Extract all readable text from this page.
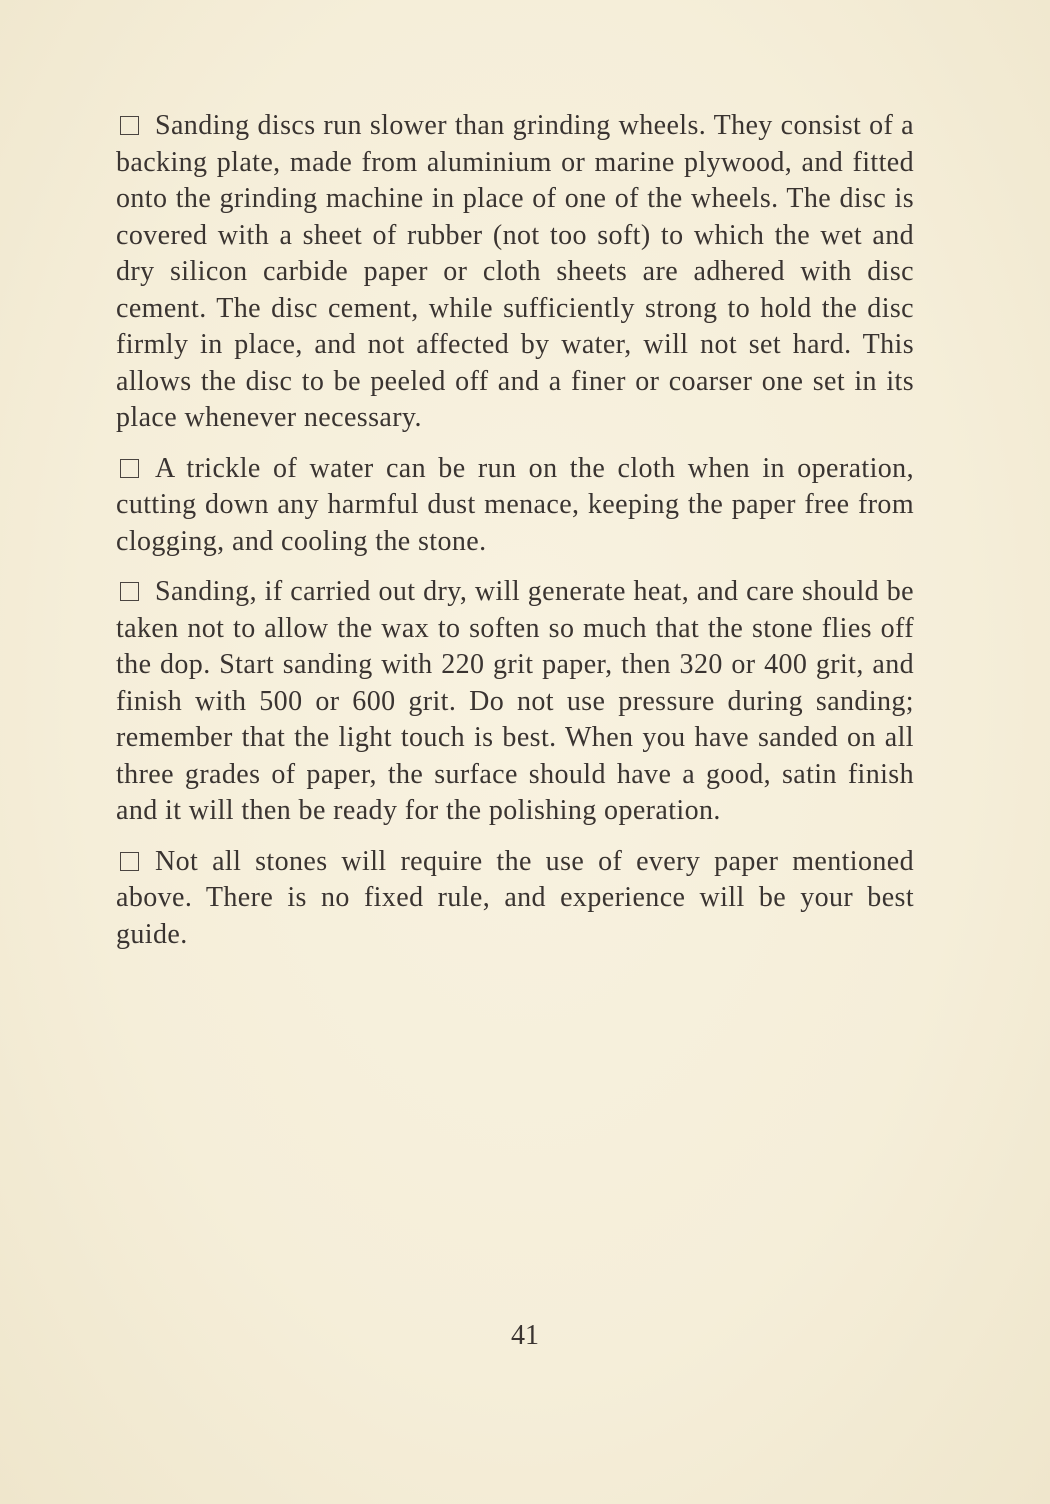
Sanding discs run slower than grinding wheels. They consist of a backing plate, made from aluminium or marine plywood, and fitted onto the grinding machine in place of one of the wheels. The disc is covered with a sheet of rubber (not too soft) to which the wet and dry silicon carbide paper or cloth sheets are adhered with disc cement. The disc cement, while sufficiently strong to hold the disc firmly in place, and not affected by water, will not set hard. This allows the disc to be peeled off and a finer or coarser one set in its place whenever necessary.

A trickle of water can be run on the cloth when in operation, cutting down any harmful dust menace, keeping the paper free from clogging, and cooling the stone.

Sanding, if carried out dry, will generate heat, and care should be taken not to allow the wax to soften so much that the stone flies off the dop. Start sanding with 220 grit paper, then 320 or 400 grit, and finish with 500 or 600 grit. Do not use pressure during sanding; remember that the light touch is best. When you have sanded on all three grades of paper, the surface should have a good, satin finish and it will then be ready for the polishing operation.

Not all stones will require the use of every paper mentioned above. There is no fixed rule, and experience will be your best guide.

41
